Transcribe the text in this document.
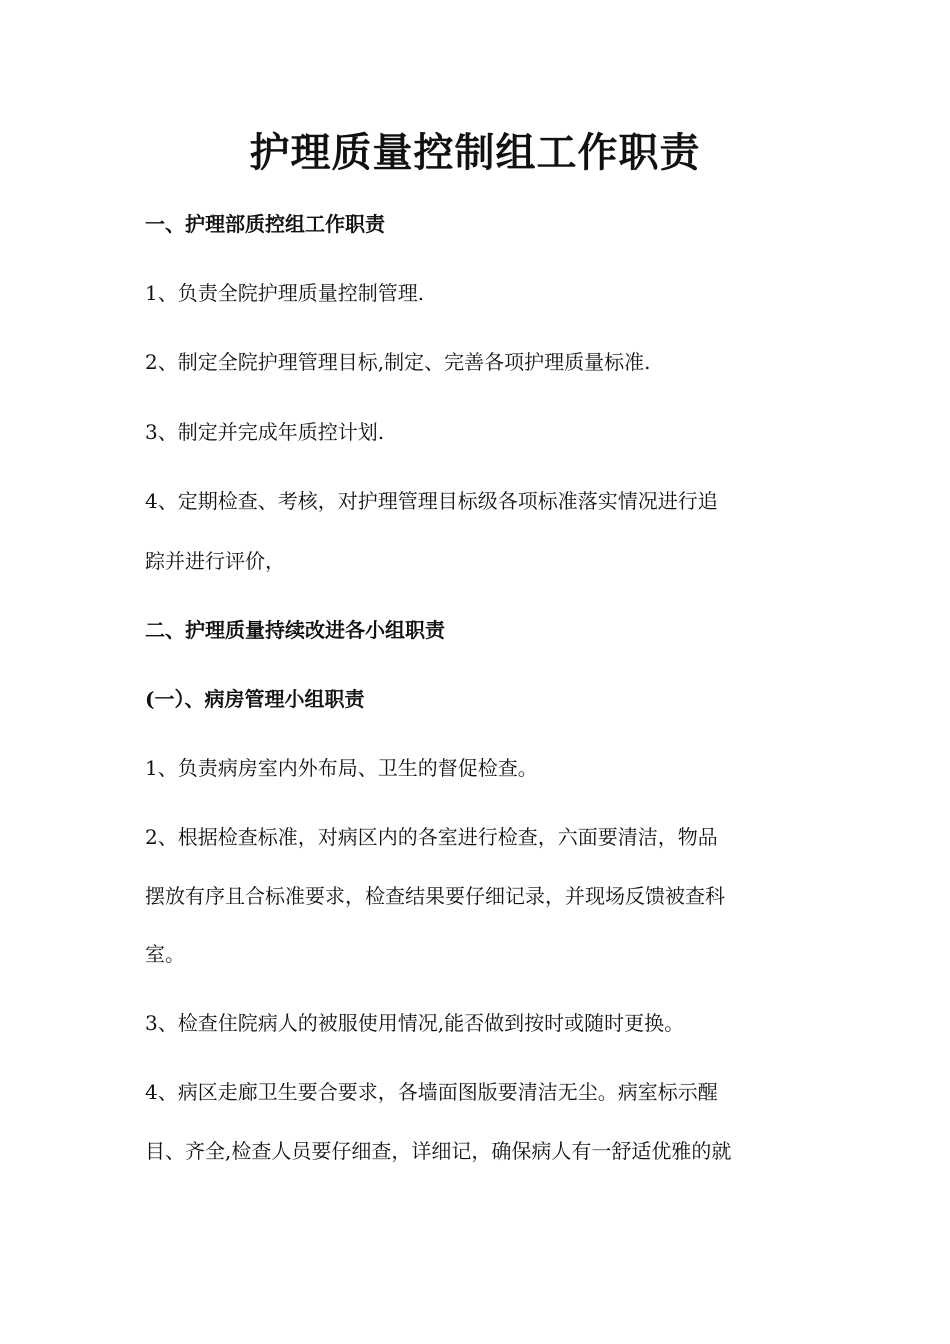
护理质量控制组工作职责
一、护理部质控组工作职责
1、负责全院护理质量控制管理.
2、制定全院护理管理目标,制定、完善各项护理质量标准.
3、制定并完成年质控计划.
4、定期检查、考核，对护理管理目标级各项标准落实情况进行追
踪并进行评价，
二、护理质量持续改进各小组职责
(一）、病房管理小组职责
1、负责病房室内外布局、卫生的督促检查。
2、根据检查标准，对病区内的各室进行检查，六面要清洁，物品
摆放有序且合标准要求，检查结果要仔细记录，并现场反馈被查科
室。
3、检查住院病人的被服使用情况,能否做到按时或随时更换。
4、病区走廊卫生要合要求，各墙面图版要清洁无尘。病室标示醒
目、齐全,检查人员要仔细查，详细记，确保病人有一舒适优雅的就
